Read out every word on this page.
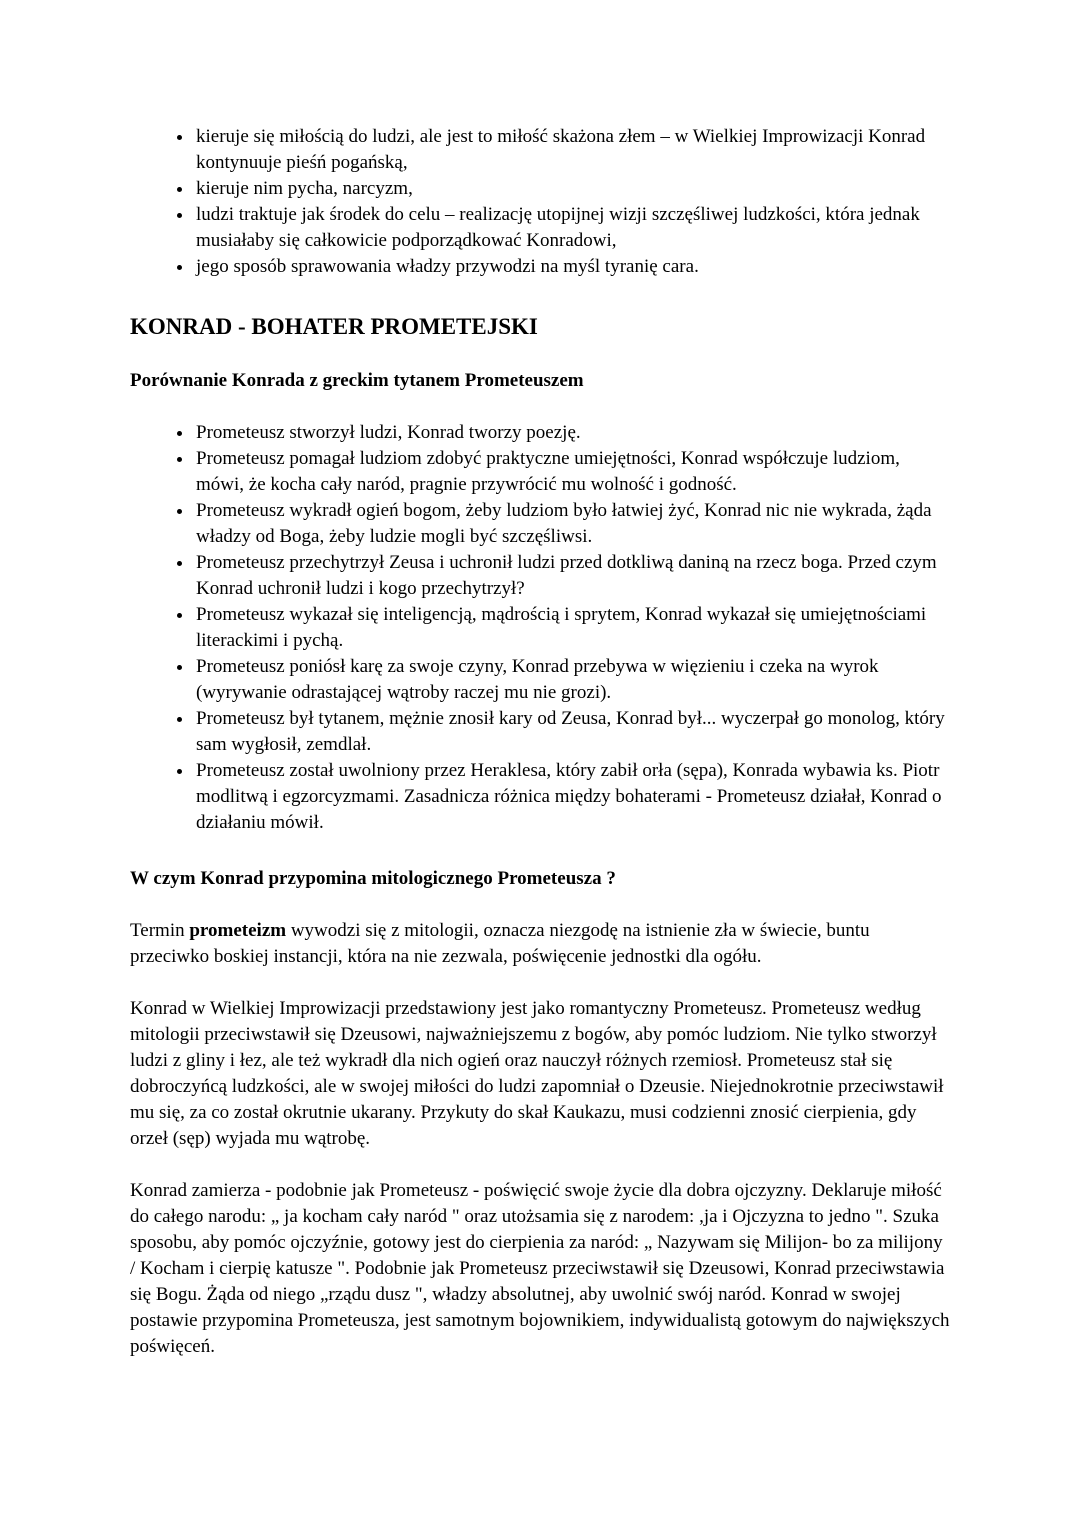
• kieruje się miłością do ludzi, ale jest to miłość skażona złem – w Wielkiej Improwizacji Konrad kontynuuje pieśń pogańską,
• kieruje nim pycha, narcyzm,
• ludzi traktuje jak środek do celu – realizację utopijnej wizji szczęśliwej ludzkości, która jednak musiałaby się całkowicie podporządkować Konradowi,
• jego sposób sprawowania władzy przywodzi na myśl tyranię cara.
KONRAD - BOHATER PROMETEJSKI
Porównanie Konrada z greckim tytanem Prometeuszem
• Prometeusz stworzył ludzi, Konrad tworzy poezję.
• Prometeusz pomagał ludziom zdobyć praktyczne umiejętności, Konrad współczuje ludziom, mówi, że kocha cały naród, pragnie przywrócić mu wolność i godność.
• Prometeusz wykradł ogień bogom, żeby ludziom było łatwiej żyć, Konrad nic nie wykrada, żąda władzy od Boga, żeby ludzie mogli być szczęśliwsi.
• Prometeusz przechytrzył Zeusa i uchronił ludzi przed dotkliwą daniną na rzecz boga. Przed czym Konrad uchronił ludzi i kogo przechytrzył?
• Prometeusz wykazał się inteligencją, mądrością i sprytem, Konrad wykazał się umiejętnościami literackimi i pychą.
• Prometeusz poniósł karę za swoje czyny, Konrad przebywa w więzieniu i czeka na wyrok (wyrywanie odrastającej wątroby raczej mu nie grozi).
• Prometeusz był tytanem, mężnie znosił kary od Zeusa, Konrad był... wyczerpał go monolog, który sam wygłosił, zemdlał.
• Prometeusz został uwolniony przez Heraklesa, który zabił orła (sępa), Konrada wybawia ks. Piotr modlitwą i egzorcyzmami. Zasadnicza różnica między bohaterami - Prometeusz działał, Konrad o działaniu mówił.
W czym Konrad przypomina mitologicznego Prometeusza ?

Termin prometeizm wywodzi się z mitologii, oznacza niezgodę na istnienie zła w świecie, buntu przeciwko boskiej instancji, która na nie zezwala, poświęcenie jednostki dla ogółu.

Konrad w Wielkiej Improwizacji przedstawiony jest jako romantyczny Prometeusz. Prometeusz według mitologii przeciwstawił się Dzeusowi, najważniejszemu z bogów, aby pomóc ludziom. Nie tylko stworzył ludzi z gliny i łez, ale też wykradł dla nich ogień oraz nauczył różnych rzemiosł. Prometeusz stał się dobroczyńcą ludzkości, ale w swojej miłości do ludzi zapomniał o Dzeusie. Niejednokrotnie przeciwstawił mu się, za co został okrutnie ukarany. Przykuty do skał Kaukazu, musi codzienni znosić cierpienia, gdy orzeł (sęp) wyjada mu wątrobę.

Konrad zamierza - podobnie jak Prometeusz - poświęcić swoje życie dla dobra ojczyzny. Deklaruje miłość do całego narodu: „ ja kocham cały naród " oraz utożsamia się z narodem: ,ja i Ojczyzna to jedno ". Szuka sposobu, aby pomóc ojczyźnie, gotowy jest do cierpienia za naród: „ Nazywam się Milijon- bo za milijony / Kocham i cierpię katusze ". Podobnie jak Prometeusz przeciwstawił się Dzeusowi, Konrad przeciwstawia się Bogu. Żąda od niego „rządu dusz ", władzy absolutnej, aby uwolnić swój naród. Konrad w swojej postawie przypomina Prometeusza, jest samotnym bojownikiem, indywidualistą gotowym do największych poświęceń.
